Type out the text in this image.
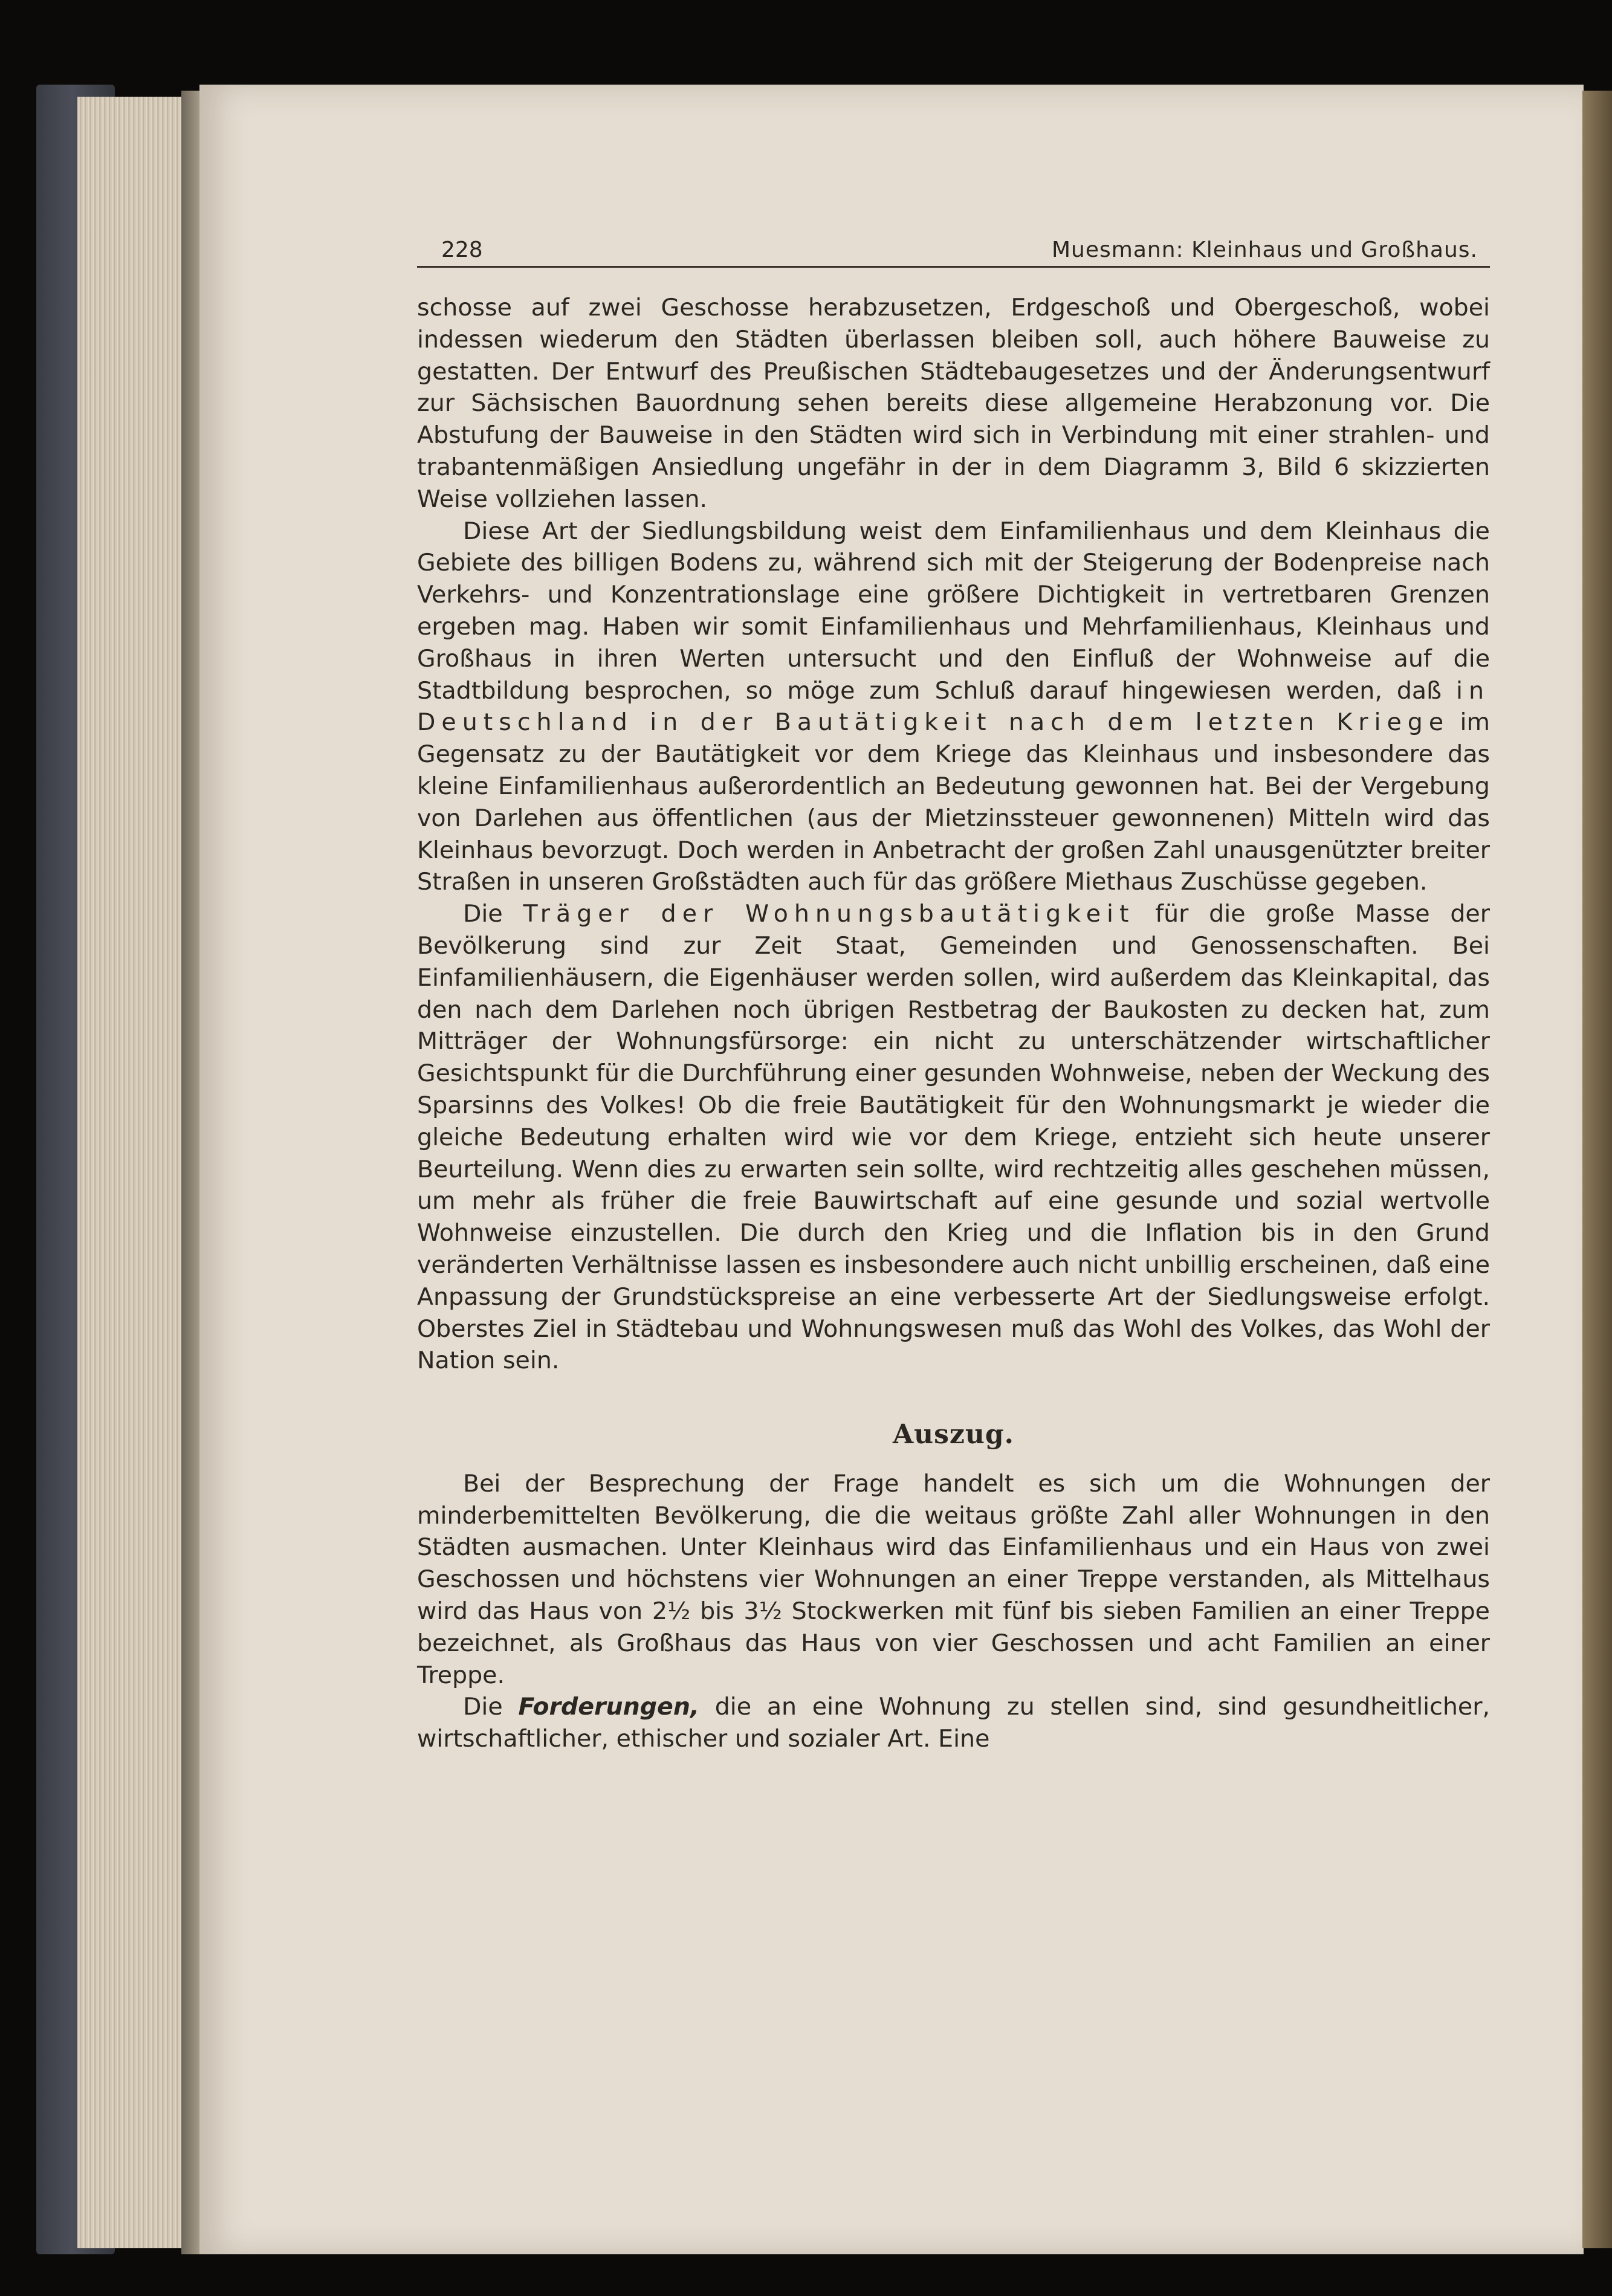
228	Muesmann: Kleinhaus und Großhaus.

schosse auf zwei Geschosse herabzusetzen, Erdgeschoß und Obergeschoß, wobei indessen wiederum den Städten überlassen bleiben soll, auch höhere Bauweise zu gestatten. Der Entwurf des Preußischen Städtebaugesetzes und der Änderungsentwurf zur Sächsischen Bauordnung sehen bereits diese allgemeine Herabzonung vor. Die Abstufung der Bauweise in den Städten wird sich in Verbindung mit einer strahlen- und trabantenmäßigen Ansiedlung ungefähr in der in dem Diagramm 3, Bild 6 skizzierten Weise vollziehen lassen.

Diese Art der Siedlungsbildung weist dem Einfamilienhaus und dem Kleinhaus die Gebiete des billigen Bodens zu, während sich mit der Steigerung der Bodenpreise nach Verkehrs- und Konzentrationslage eine größere Dichtigkeit in vertretbaren Grenzen ergeben mag. Haben wir somit Einfamilienhaus und Mehrfamilienhaus, Kleinhaus und Großhaus in ihren Werten untersucht und den Einfluß der Wohnweise auf die Stadtbildung besprochen, so möge zum Schluß darauf hingewiesen werden, daß in Deutschland in der Bautätigkeit nach dem letzten Kriege im Gegensatz zu der Bautätigkeit vor dem Kriege das Kleinhaus und insbesondere das kleine Einfamilienhaus außerordentlich an Bedeutung gewonnen hat. Bei der Vergebung von Darlehen aus öffentlichen (aus der Mietzinssteuer gewonnenen) Mitteln wird das Kleinhaus bevorzugt. Doch werden in Anbetracht der großen Zahl unausgenützter breiter Straßen in unseren Großstädten auch für das größere Miethaus Zuschüsse gegeben.

Die Träger der Wohnungsbautätigkeit für die große Masse der Bevölkerung sind zur Zeit Staat, Gemeinden und Genossenschaften. Bei Einfamilienhäusern, die Eigenhäuser werden sollen, wird außerdem das Kleinkapital, das den nach dem Darlehen noch übrigen Restbetrag der Baukosten zu decken hat, zum Mitträger der Wohnungsfürsorge: ein nicht zu unterschätzender wirtschaftlicher Gesichtspunkt für die Durchführung einer gesunden Wohnweise, neben der Weckung des Sparsinns des Volkes! Ob die freie Bautätigkeit für den Wohnungsmarkt je wieder die gleiche Bedeutung erhalten wird wie vor dem Kriege, entzieht sich heute unserer Beurteilung. Wenn dies zu erwarten sein sollte, wird rechtzeitig alles geschehen müssen, um mehr als früher die freie Bauwirtschaft auf eine gesunde und sozial wertvolle Wohnweise einzustellen. Die durch den Krieg und die Inflation bis in den Grund veränderten Verhältnisse lassen es insbesondere auch nicht unbillig erscheinen, daß eine Anpassung der Grundstückspreise an eine verbesserte Art der Siedlungsweise erfolgt. Oberstes Ziel in Städtebau und Wohnungswesen muß das Wohl des Volkes, das Wohl der Nation sein.

Auszug.

Bei der Besprechung der Frage handelt es sich um die Wohnungen der minderbemittelten Bevölkerung, die die weitaus größte Zahl aller Wohnungen in den Städten ausmachen. Unter Kleinhaus wird das Einfamilienhaus und ein Haus von zwei Geschossen und höchstens vier Wohnungen an einer Treppe verstanden, als Mittelhaus wird das Haus von 2½ bis 3½ Stockwerken mit fünf bis sieben Familien an einer Treppe bezeichnet, als Großhaus das Haus von vier Geschossen und acht Familien an einer Treppe.

Die Forderungen, die an eine Wohnung zu stellen sind, sind gesundheitlicher, wirtschaftlicher, ethischer und sozialer Art. Eine
